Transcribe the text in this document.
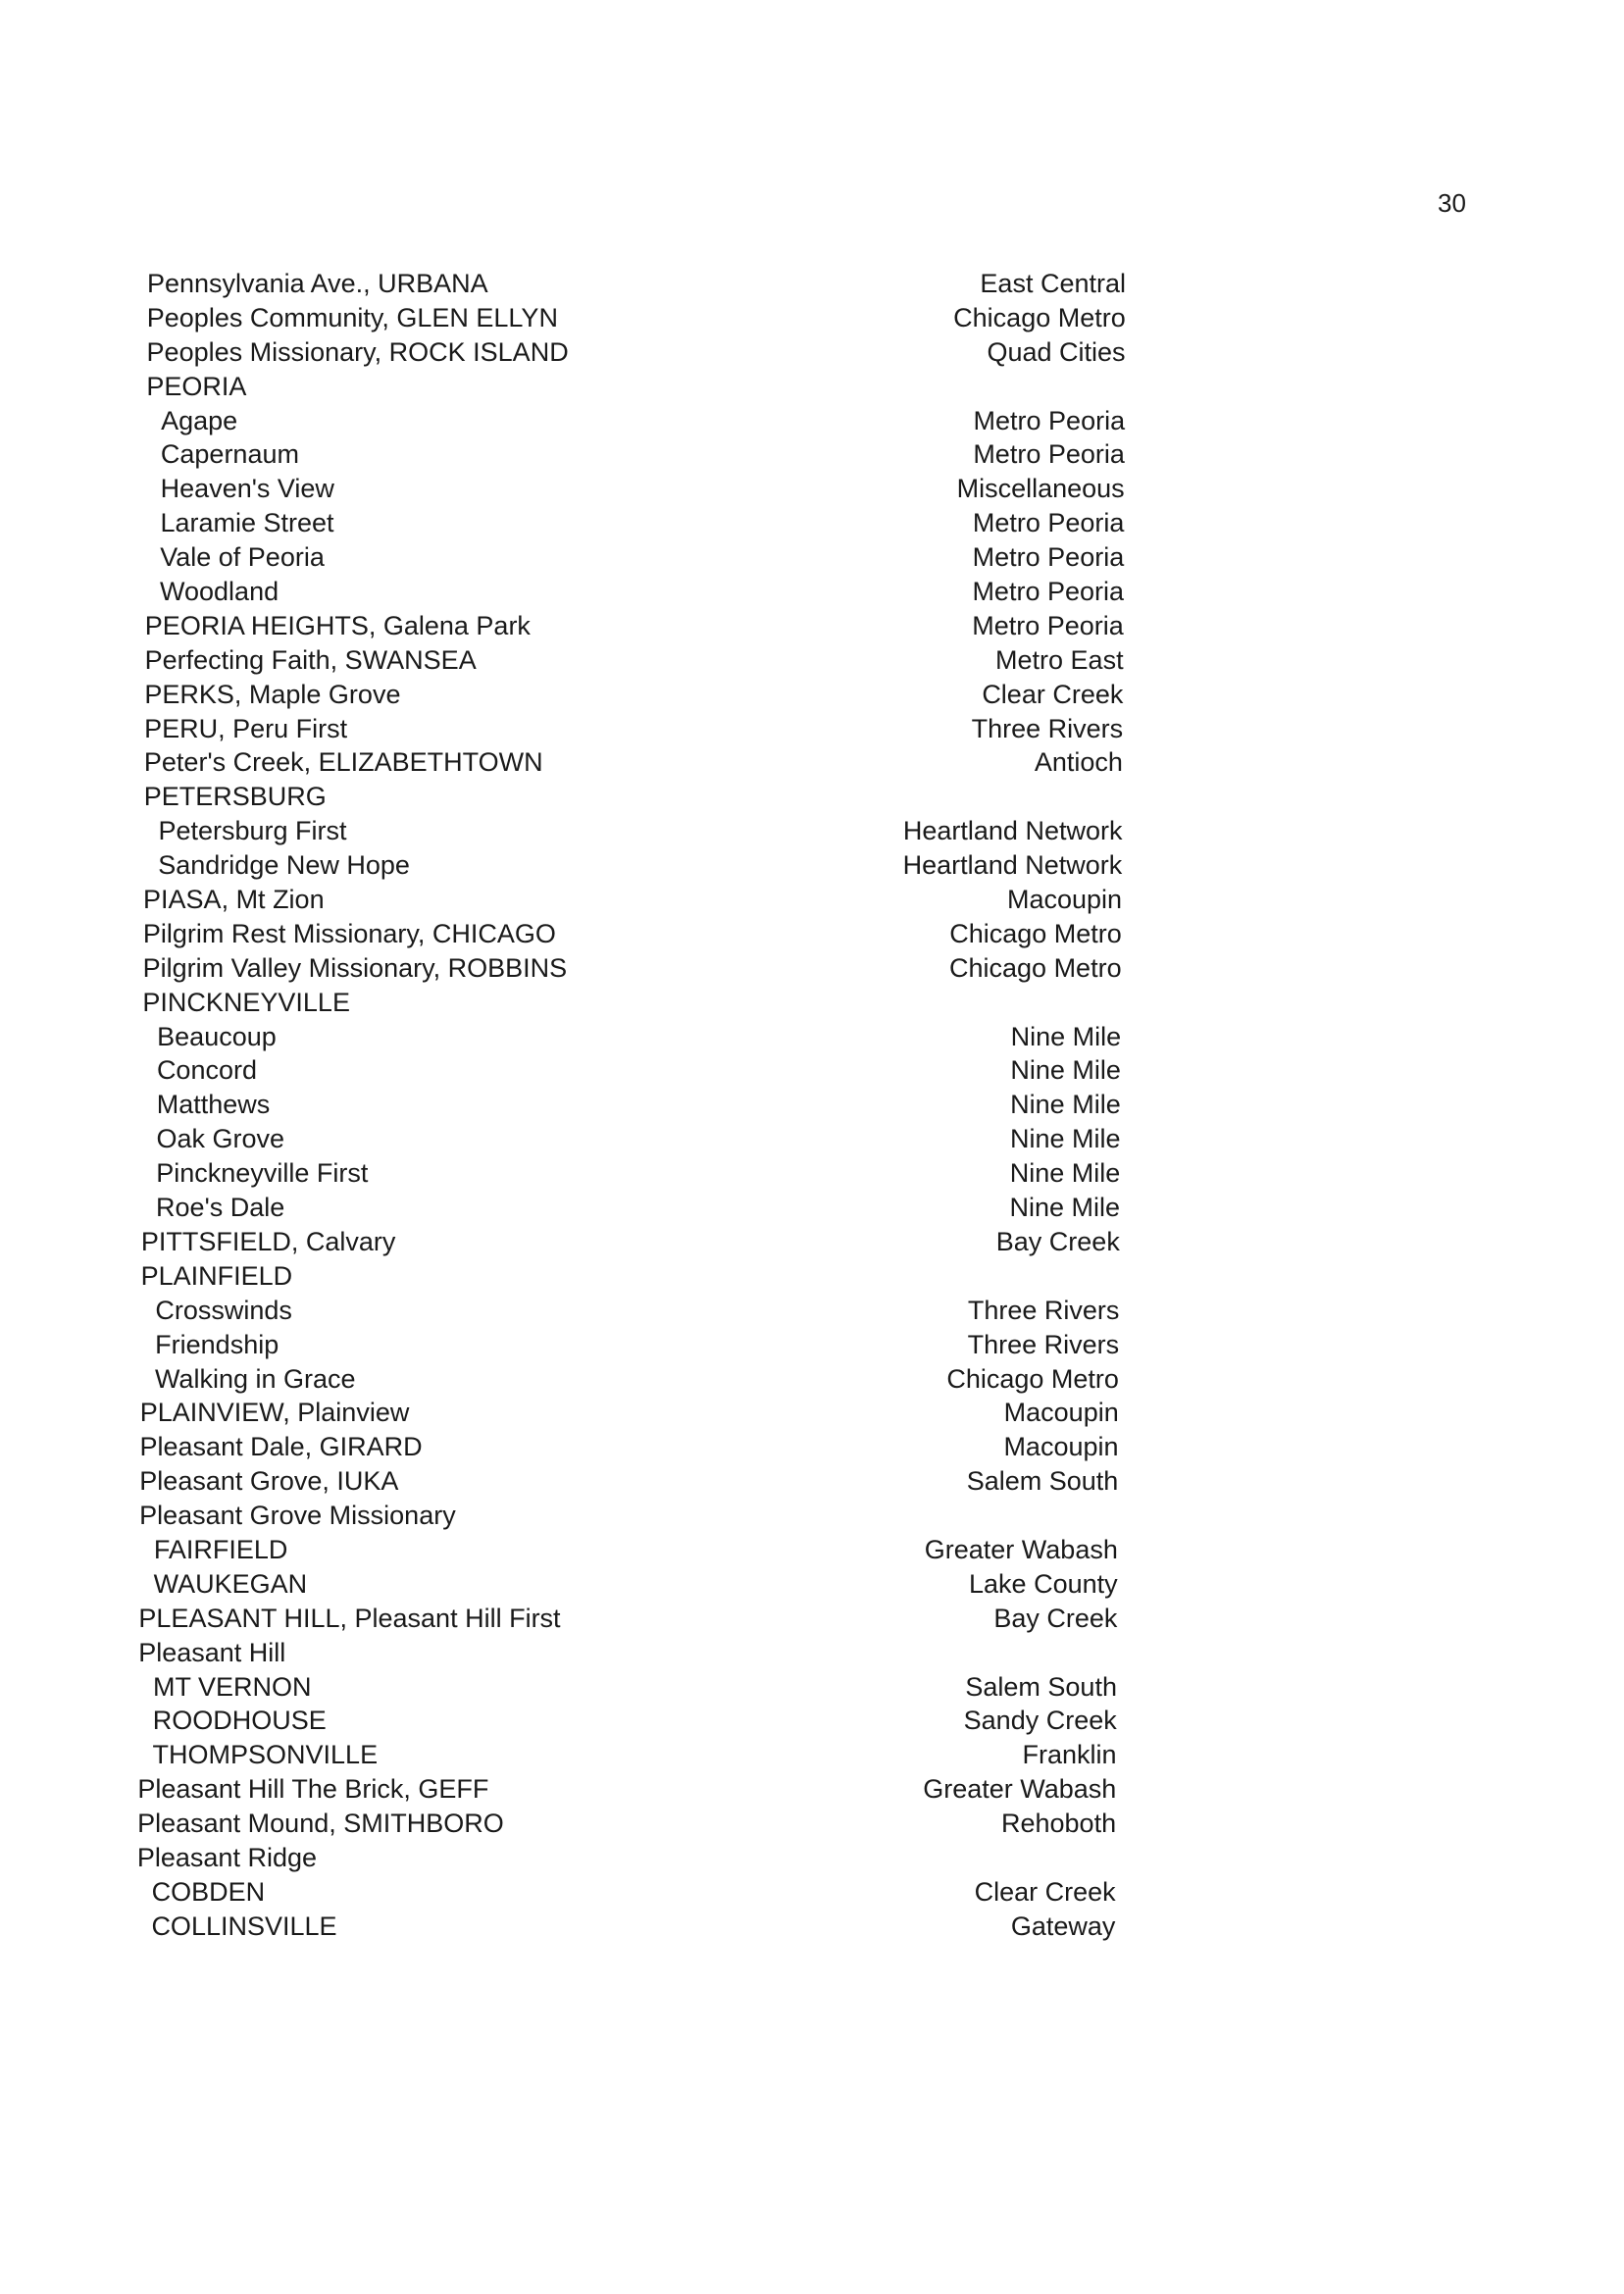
30
Pennsylvania Ave., URBANA	East Central
Peoples Community, GLEN ELLYN	Chicago Metro
Peoples Missionary, ROCK ISLAND	Quad Cities
PEORIA
Agape	Metro Peoria
Capernaum	Metro Peoria
Heaven's View	Miscellaneous
Laramie Street	Metro Peoria
Vale of Peoria	Metro Peoria
Woodland	Metro Peoria
PEORIA HEIGHTS, Galena Park	Metro Peoria
Perfecting Faith, SWANSEA	Metro East
PERKS, Maple Grove	Clear Creek
PERU, Peru First	Three Rivers
Peter's Creek, ELIZABETHTOWN	Antioch
PETERSBURG
Petersburg First	Heartland Network
Sandridge New Hope	Heartland Network
PIASA, Mt Zion	Macoupin
Pilgrim Rest Missionary, CHICAGO	Chicago Metro
Pilgrim Valley Missionary, ROBBINS	Chicago Metro
PINCKNEYVILLE
Beaucoup	Nine Mile
Concord	Nine Mile
Matthews	Nine Mile
Oak Grove	Nine Mile
Pinckneyville First	Nine Mile
Roe's Dale	Nine Mile
PITTSFIELD, Calvary	Bay Creek
PLAINFIELD
Crosswinds	Three Rivers
Friendship	Three Rivers
Walking in Grace	Chicago Metro
PLAINVIEW, Plainview	Macoupin
Pleasant Dale, GIRARD	Macoupin
Pleasant Grove, IUKA	Salem South
Pleasant Grove Missionary
FAIRFIELD	Greater Wabash
WAUKEGAN	Lake County
PLEASANT HILL, Pleasant Hill First	Bay Creek
Pleasant Hill
MT VERNON	Salem South
ROODHOUSE	Sandy Creek
THOMPSONVILLE	Franklin
Pleasant Hill The Brick, GEFF	Greater Wabash
Pleasant Mound, SMITHBORO	Rehoboth
Pleasant Ridge
COBDEN	Clear Creek
COLLINSVILLE	Gateway
